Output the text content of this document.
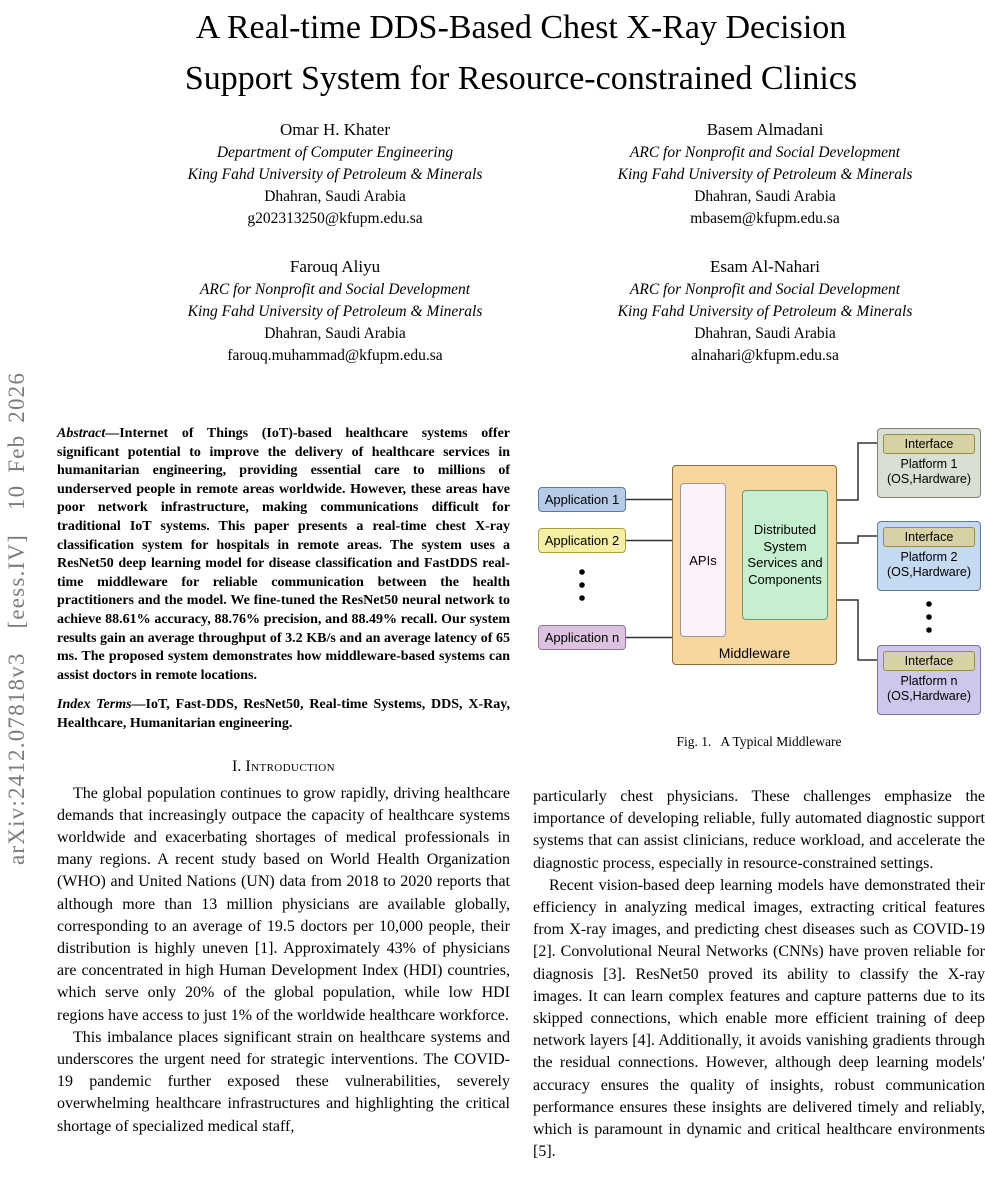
arXiv:2412.07818v3  [eess.IV]  10 Feb 2026
A Real-time DDS-Based Chest X-Ray Decision
Support System for Resource-constrained Clinics
Omar H. Khater
Department of Computer Engineering
King Fahd University of Petroleum & Minerals
Dhahran, Saudi Arabia
g202313250@kfupm.edu.sa
Basem Almadani
ARC for Nonprofit and Social Development
King Fahd University of Petroleum & Minerals
Dhahran, Saudi Arabia
mbasem@kfupm.edu.sa
Farouq Aliyu
ARC for Nonprofit and Social Development
King Fahd University of Petroleum & Minerals
Dhahran, Saudi Arabia
farouq.muhammad@kfupm.edu.sa
Esam Al-Nahari
ARC for Nonprofit and Social Development
King Fahd University of Petroleum & Minerals
Dhahran, Saudi Arabia
alnahari@kfupm.edu.sa

Abstract—Internet of Things (IoT)-based healthcare systems offer significant potential to improve the delivery of healthcare services in humanitarian engineering, providing essential care to millions of underserved people in remote areas worldwide. However, these areas have poor network infrastructure, making communications difficult for traditional IoT systems. This paper presents a real-time chest X-ray classification system for hospitals in remote areas. The system uses a ResNet50 deep learning model for disease classification and FastDDS real-time middleware for reliable communication between the health practitioners and the model. We fine-tuned the ResNet50 neural network to achieve 88.61% accuracy, 88.76% precision, and 88.49% recall. Our system results gain an average throughput of 3.2 KB/s and an average latency of 65 ms. The proposed system demonstrates how middleware-based systems can assist doctors in remote locations.

Index Terms—IoT, Fast-DDS, ResNet50, Real-time Systems, DDS, X-Ray, Healthcare, Humanitarian engineering.

I. Introduction

The global population continues to grow rapidly, driving healthcare demands that increasingly outpace the capacity of healthcare systems worldwide and exacerbating shortages of medical professionals in many regions. A recent study based on World Health Organization (WHO) and United Nations (UN) data from 2018 to 2020 reports that although more than 13 million physicians are available globally, corresponding to an average of 19.5 doctors per 10,000 people, their distribution is highly uneven [1]. Approximately 43% of physicians are concentrated in high Human Development Index (HDI) countries, which serve only 20% of the global population, while low HDI regions have access to just 1% of the worldwide healthcare workforce.

This imbalance places significant strain on healthcare systems and underscores the urgent need for strategic interventions. The COVID-19 pandemic further exposed these vulnerabilities, severely overwhelming healthcare infrastructures and highlighting the critical shortage of specialized medical staff,

Middleware
APIs
Distributed System Services and Components
Application 1
Application 2
Application n
Interface
Platform 1
(OS,Hardware)
Interface
Platform 2
(OS,Hardware)
Interface
Platform n
(OS,Hardware)
Fig. 1. A Typical Middleware

particularly chest physicians. These challenges emphasize the importance of developing reliable, fully automated diagnostic support systems that can assist clinicians, reduce workload, and accelerate the diagnostic process, especially in resource-constrained settings.

Recent vision-based deep learning models have demonstrated their efficiency in analyzing medical images, extracting critical features from X-ray images, and predicting chest diseases such as COVID-19 [2]. Convolutional Neural Networks (CNNs) have proven reliable for diagnosis [3]. ResNet50 proved its ability to classify the X-ray images. It can learn complex features and capture patterns due to its skipped connections, which enable more efficient training of deep network layers [4]. Additionally, it avoids vanishing gradients through the residual connections. However, although deep learning models' accuracy ensures the quality of insights, robust communication performance ensures these insights are delivered timely and reliably, which is paramount in dynamic and critical healthcare environments [5].
